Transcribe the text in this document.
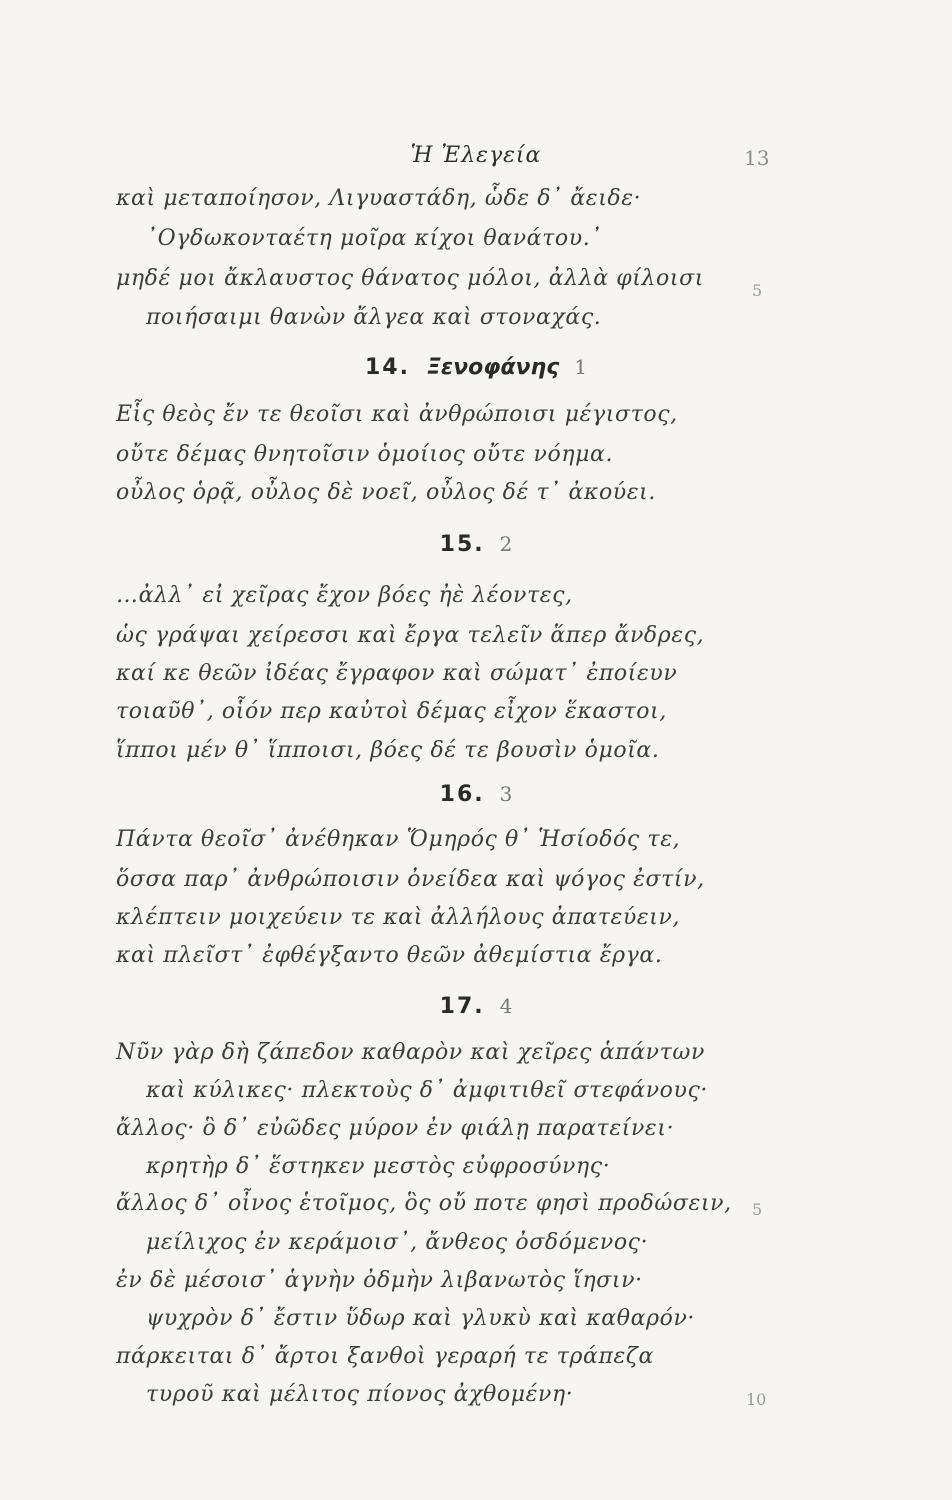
Ἡ Ἐλεγεία	13
καὶ μεταποίησον, Λιγυαστάδη, ὧδε δ᾿ ἄειδε·
᾿Ογδωκονταέτη μοῖρα κίχοι θανάτου.᾿
μηδέ μοι ἄκλαυστος θάνατος μόλοι, ἀλλὰ φίλοισι
ποιήσαιμι θανὼν ἄλγεα καὶ στοναχάς.
5
14. Ξενοφάνης 1
Εἷς θεὸς ἔν τε θεοῖσι καὶ ἀνθρώποισι μέγιστος,
οὔτε δέμας θνητοῖσιν ὁμοίιος οὔτε νόημα.
οὖλος ὁρᾷ, οὖλος δὲ νοεῖ, οὖλος δέ τ᾿ ἀκούει.
15. 2
…ἀλλ᾿ εἰ χεῖρας ἔχον βόες ἠὲ λέοντες,
ὡς γράψαι χείρεσσι καὶ ἔργα τελεῖν ἅπερ ἄνδρες,
καί κε θεῶν ἰδέας ἔγραφον καὶ σώματ᾿ ἐποίευν
τοιαῦθ᾿, οἷόν περ καὐτοὶ δέμας εἶχον ἕκαστοι,
ἵπποι μέν θ᾿ ἵπποισι, βόες δέ τε βουσὶν ὁμοῖα.
16. 3
Πάντα θεοῖσ᾿ ἀνέθηκαν Ὅμηρός θ᾿ Ἡσίοδός τε,
ὅσσα παρ᾿ ἀνθρώποισιν ὀνείδεα καὶ ψόγος ἐστίν,
κλέπτειν μοιχεύειν τε καὶ ἀλλήλους ἀπατεύειν,
καὶ πλεῖστ᾿ ἐφθέγξαντο θεῶν ἀθεμίστια ἔργα.
17. 4
Νῦν γὰρ δὴ ζάπεδον καθαρὸν καὶ χεῖρες ἁπάντων
καὶ κύλικες· πλεκτοὺς δ᾿ ἀμφιτιθεῖ στεφάνους·
ἄλλος· ὃ δ᾿ εὐῶδες μύρον ἐν φιάλῃ παρατείνει·
κρητὴρ δ᾿ ἕστηκεν μεστὸς εὐφροσύνης·
ἄλλος δ᾿ οἶνος ἑτοῖμος, ὃς οὔ ποτε φησὶ προδώσειν,
μείλιχος ἐν κεράμοισ᾿, ἄνθεος ὀσδόμενος·
ἐν δὲ μέσοισ᾿ ἁγνὴν ὀδμὴν λιβανωτὸς ἵησιν·
ψυχρὸν δ᾿ ἔστιν ὕδωρ καὶ γλυκὺ καὶ καθαρόν·
πάρκειται δ᾿ ἄρτοι ξανθοὶ γεραρή τε τράπεζα
τυροῦ καὶ μέλιτος πίονος ἀχθομένη·
5
10
